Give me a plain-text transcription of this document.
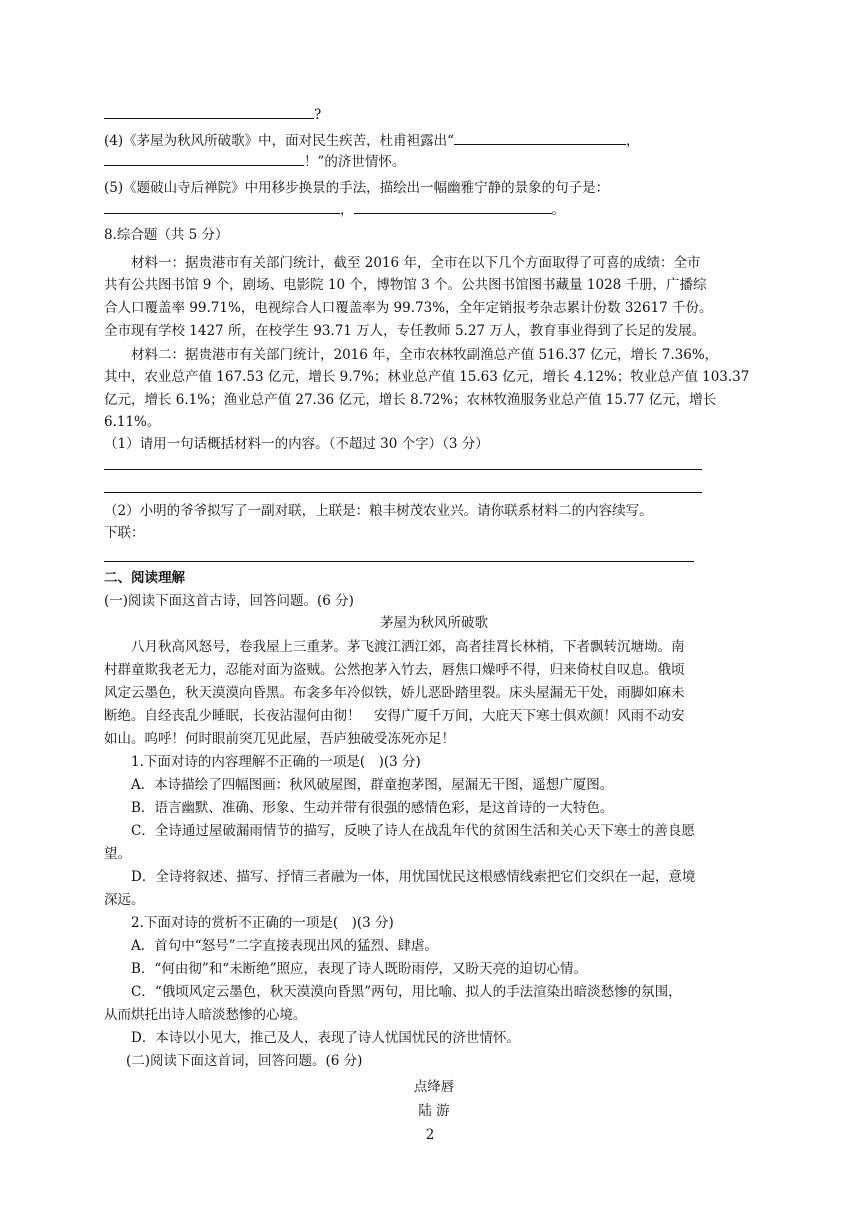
?
(4)《茅屋为秋风所破歌》中，面对民生疾苦，杜甫袒露出“	，
！”的济世情怀。
(5)《题破山寺后禅院》中用移步换景的手法，描绘出一幅幽雅宁静的景象的句子是：
，	。
8.综合题（共 5 分）
材料一：据贵港市有关部门统计，截至 2016 年，全市在以下几个方面取得了可喜的成绩：全市
共有公共图书馆 9 个，剧场、电影院 10 个，博物馆 3 个。公共图书馆图书藏量 1028 千册，广播综
合人口覆盖率 99.71%，电视综合人口覆盖率为 99.73%，全年定销报考杂志累计份数 32617 千份。
全市现有学校 1427 所，在校学生 93.71 万人，专任教师 5.27 万人，教育事业得到了长足的发展。
材料二：据贵港市有关部门统计，2016 年，全市农林牧副渔总产值 516.37 亿元，增长 7.36%，
其中，农业总产值 167.53 亿元，增长 9.7%；林业总产值 15.63 亿元，增长 4.12%；牧业总产值 103.37
亿元，增长 6.1%；渔业总产值 27.36 亿元，增长 8.72%；农林牧渔服务业总产值 15.77 亿元，增长
6.11%。
（1）请用一句话概括材料一的内容。（不超过 30 个字）（3 分）
（2）小明的爷爷拟写了一副对联，上联是：粮丰树茂农业兴。请你联系材料二的内容续写。
下联：
二、阅读理解
(一)阅读下面这首古诗，回答问题。(6 分)
茅屋为秋风所破歌
八月秋高风怒号，卷我屋上三重茅。茅飞渡江洒江郊，高者挂罥长林梢，下者飘转沉塘坳。南
村群童欺我老无力，忍能对面为盗贼。公然抱茅入竹去，唇焦口燥呼不得，归来倚杖自叹息。俄顷
风定云墨色，秋天漠漠向昏黑。布衾多年冷似铁，娇儿恶卧踏里裂。床头屋漏无干处，雨脚如麻未
断绝。自经丧乱少睡眠，长夜沾湿何由彻！　安得广厦千万间，大庇天下寒士俱欢颜！风雨不动安
如山。呜呼！何时眼前突兀见此屋，吾庐独破受冻死亦足！
1.下面对诗的内容理解不正确的一项是(　)(3 分)
A．本诗描绘了四幅图画：秋风破屋图，群童抱茅图，屋漏无干图，遥想广厦图。
B．语言幽默、准确、形象、生动并带有很强的感情色彩，是这首诗的一大特色。
C．全诗通过屋破漏雨情节的描写，反映了诗人在战乱年代的贫困生活和关心天下寒士的善良愿
望。
D．全诗将叙述、描写、抒情三者融为一体，用忧国忧民这根感情线索把它们交织在一起，意境
深远。
2.下面对诗的赏析不正确的一项是(　)(3 分)
A．首句中“怒号”二字直接表现出风的猛烈、肆虐。
B．“何由彻”和“未断绝”照应，表现了诗人既盼雨停，又盼天亮的迫切心情。
C．“俄顷风定云墨色，秋天漠漠向昏黑”两句，用比喻、拟人的手法渲染出暗淡愁惨的氛围，
从而烘托出诗人暗淡愁惨的心境。
D．本诗以小见大，推己及人，表现了诗人忧国忧民的济世情怀。
(二)阅读下面这首词，回答问题。(6 分)
点绛唇
陆 游
2
